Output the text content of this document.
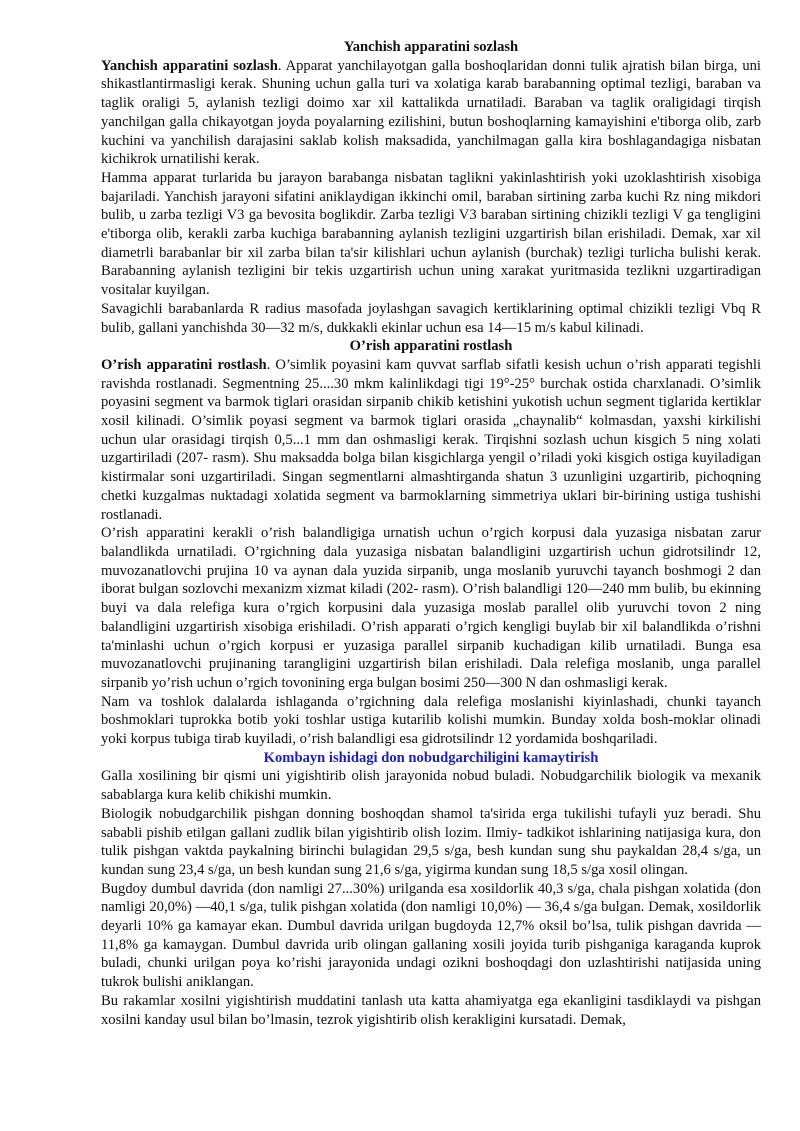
Yanchish apparatini sozlash

Yanchish apparatini sozlash. Apparat yanchilayotgan galla boshoqlaridan donni tulik ajratish bilan birga, uni shikastlantirmasligi kerak. Shuning uchun galla turi va xolatiga karab barabanning optimal tezligi, baraban va taglik oraligi 5, aylanish tezligi doimo xar xil kattalikda urnatiladi. Baraban va taglik oraligidagi tirqish yanchilgan galla chikayotgan joyda poyalarning ezilishini, butun boshoqlarning kamayishini e'tiborga olib, zarb kuchini va yanchilish darajasini saklab kolish maksadida, yanchilmagan galla kira boshlagandagiga nisbatan kichikrok urnatilishi kerak.

Hamma apparat turlarida bu jarayon barabanga nisbatan taglikni yakinlashtirish yoki uzoklashtirish xisobiga bajariladi. Yanchish jarayoni sifatini aniklaydigan ikkinchi omil, baraban sirtining zarba kuchi Rz ning mikdori bulib, u zarba tezligi V3 ga bevosita boglikdir. Zarba tezligi V3 baraban sirtining chizikli tezligi V ga tengligini e'tiborga olib, kerakli zarba kuchiga barabanning aylanish tezligini uzgartirish bilan erishiladi. Demak, xar xil diametrli barabanlar bir xil zarba bilan ta'sir kilishlari uchun aylanish (burchak) tezligi turlicha bulishi kerak. Barabanning aylanish tezligini bir tekis uzgartirish uchun uning xarakat yuritmasida tezlikni uzgartiradigan vositalar kuyilgan.

Savagichli barabanlarda R radius masofada joylashgan savagich kertiklarining optimal chizikli tezligi Vbq R bulib, gallani yanchishda 30—32 m/s, dukkakli ekinlar uchun esa 14—15 m/s kabul kilinadi.

O’rish apparatini rostlash

O’rish apparatini rostlash. O’simlik poyasini kam quvvat sarflab sifatli kesish uchun o’rish apparati tegishli ravishda rostlanadi. Segmentning 25....30 mkm kalinlikdagi tigi 19°-25° burchak ostida charxlanadi. O’simlik poyasini segment va barmok tiglari orasidan sirpanib chikib ketishini yukotish uchun segment tiglarida kertiklar xosil kilinadi. O’simlik poyasi segment va barmok tiglari orasida „chaynalib“ kolmasdan, yaxshi kirkilishi uchun ular orasidagi tirqish 0,5...1 mm dan oshmasligi kerak. Tirqishni sozlash uchun kisgich 5 ning xolati uzgartiriladi (207- rasm). Shu maksadda bolga bilan kisgichlarga yengil o’riladi yoki kisgich ostiga kuyiladigan kistirmalar soni uzgartiriladi. Singan segmentlarni almashtirganda shatun 3 uzunligini uzgartirib, pichoqning chetki kuzgalmas nuktadagi xolatida segment va barmoklarning simmetriya uklari bir-birining ustiga tushishi rostlanadi.

O’rish apparatini kerakli o’rish balandligiga urnatish uchun o’rgich korpusi dala yuzasiga nisbatan zarur balandlikda urnatiladi. O’rgichning dala yuzasiga nisbatan balandligini uzgartirish uchun gidrotsilindr 12, muvozanatlovchi prujina 10 va aynan dala yuzida sirpanib, unga moslanib yuruvchi tayanch boshmogi 2 dan iborat bulgan sozlovchi mexanizm xizmat kiladi (202- rasm). O’rish balandligi 120—240 mm bulib, bu ekinning buyi va dala relefiga kura o’rgich korpusini dala yuzasiga moslab parallel olib yuruvchi tovon 2 ning balandligini uzgartirish xisobiga erishiladi. O’rish apparati o’rgich kengligi buylab bir xil balandlikda o’rishni ta'minlashi uchun o’rgich korpusi er yuzasiga parallel sirpanib kuchadigan kilib urnatiladi. Bunga esa muvozanatlovchi prujinaning tarangligini uzgartirish bilan erishiladi. Dala relefiga moslanib, unga parallel sirpanib yo’rish uchun o’rgich tovonining erga bulgan bosimi 250—300 N dan oshmasligi kerak.

Nam va toshlok dalalarda ishlaganda o’rgichning dala relefiga moslanishi kiyinlashadi, chunki tayanch boshmoklari tuprokka botib yoki toshlar ustiga kutarilib kolishi mumkin. Bunday xolda bosh-moklar olinadi yoki korpus tubiga tirab kuyiladi, o’rish balandligi esa gidrotsilindr 12 yordamida boshqariladi.

Kombayn ishidagi don nobudgarchiligini kamaytirish

Galla xosilining bir qismi uni yigishtirib olish jarayonida nobud buladi. Nobudgarchilik biologik va mexanik sabablarga kura kelib chikishi mumkin.

Biologik nobudgarchilik pishgan donning boshoqdan shamol ta'sirida erga tukilishi tufayli yuz beradi. Shu sababli pishib etilgan gallani zudlik bilan yigishtirib olish lozim. Ilmiy- tadkikot ishlarining natijasiga kura, don tulik pishgan vaktda paykalning birinchi bulagidan 29,5 s/ga, besh kundan sung shu paykaldan 28,4 s/ga, un kundan sung 23,4 s/ga, un besh kundan sung 21,6 s/ga, yigirma kundan sung 18,5 s/ga xosil olingan.

Bugdoy dumbul davrida (don namligi 27...30%) urilganda esa xosildorlik 40,3 s/ga, chala pishgan xolatida (don namligi 20,0%) —40,1 s/ga, tulik pishgan xolatida (don namligi 10,0%) — 36,4 s/ga bulgan. Demak, xosildorlik deyarli 10% ga kamayar ekan. Dumbul davrida urilgan bugdoyda 12,7% oksil bo’lsa, tulik pishgan davrida —11,8% ga kamaygan. Dumbul davrida urib olingan gallaning xosili joyida turib pishganiga karaganda kuprok buladi, chunki urilgan poya ko’rishi jarayonida undagi ozikni boshoqdagi don uzlashtirishi natijasida uning tukrok bulishi aniklangan.

Bu rakamlar xosilni yigishtirish muddatini tanlash uta katta ahamiyatga ega ekanligini tasdiklaydi va pishgan xosilni kanday usul bilan bo’lmasin, tezrok yigishtirib olish kerakligini kursatadi. Demak,
